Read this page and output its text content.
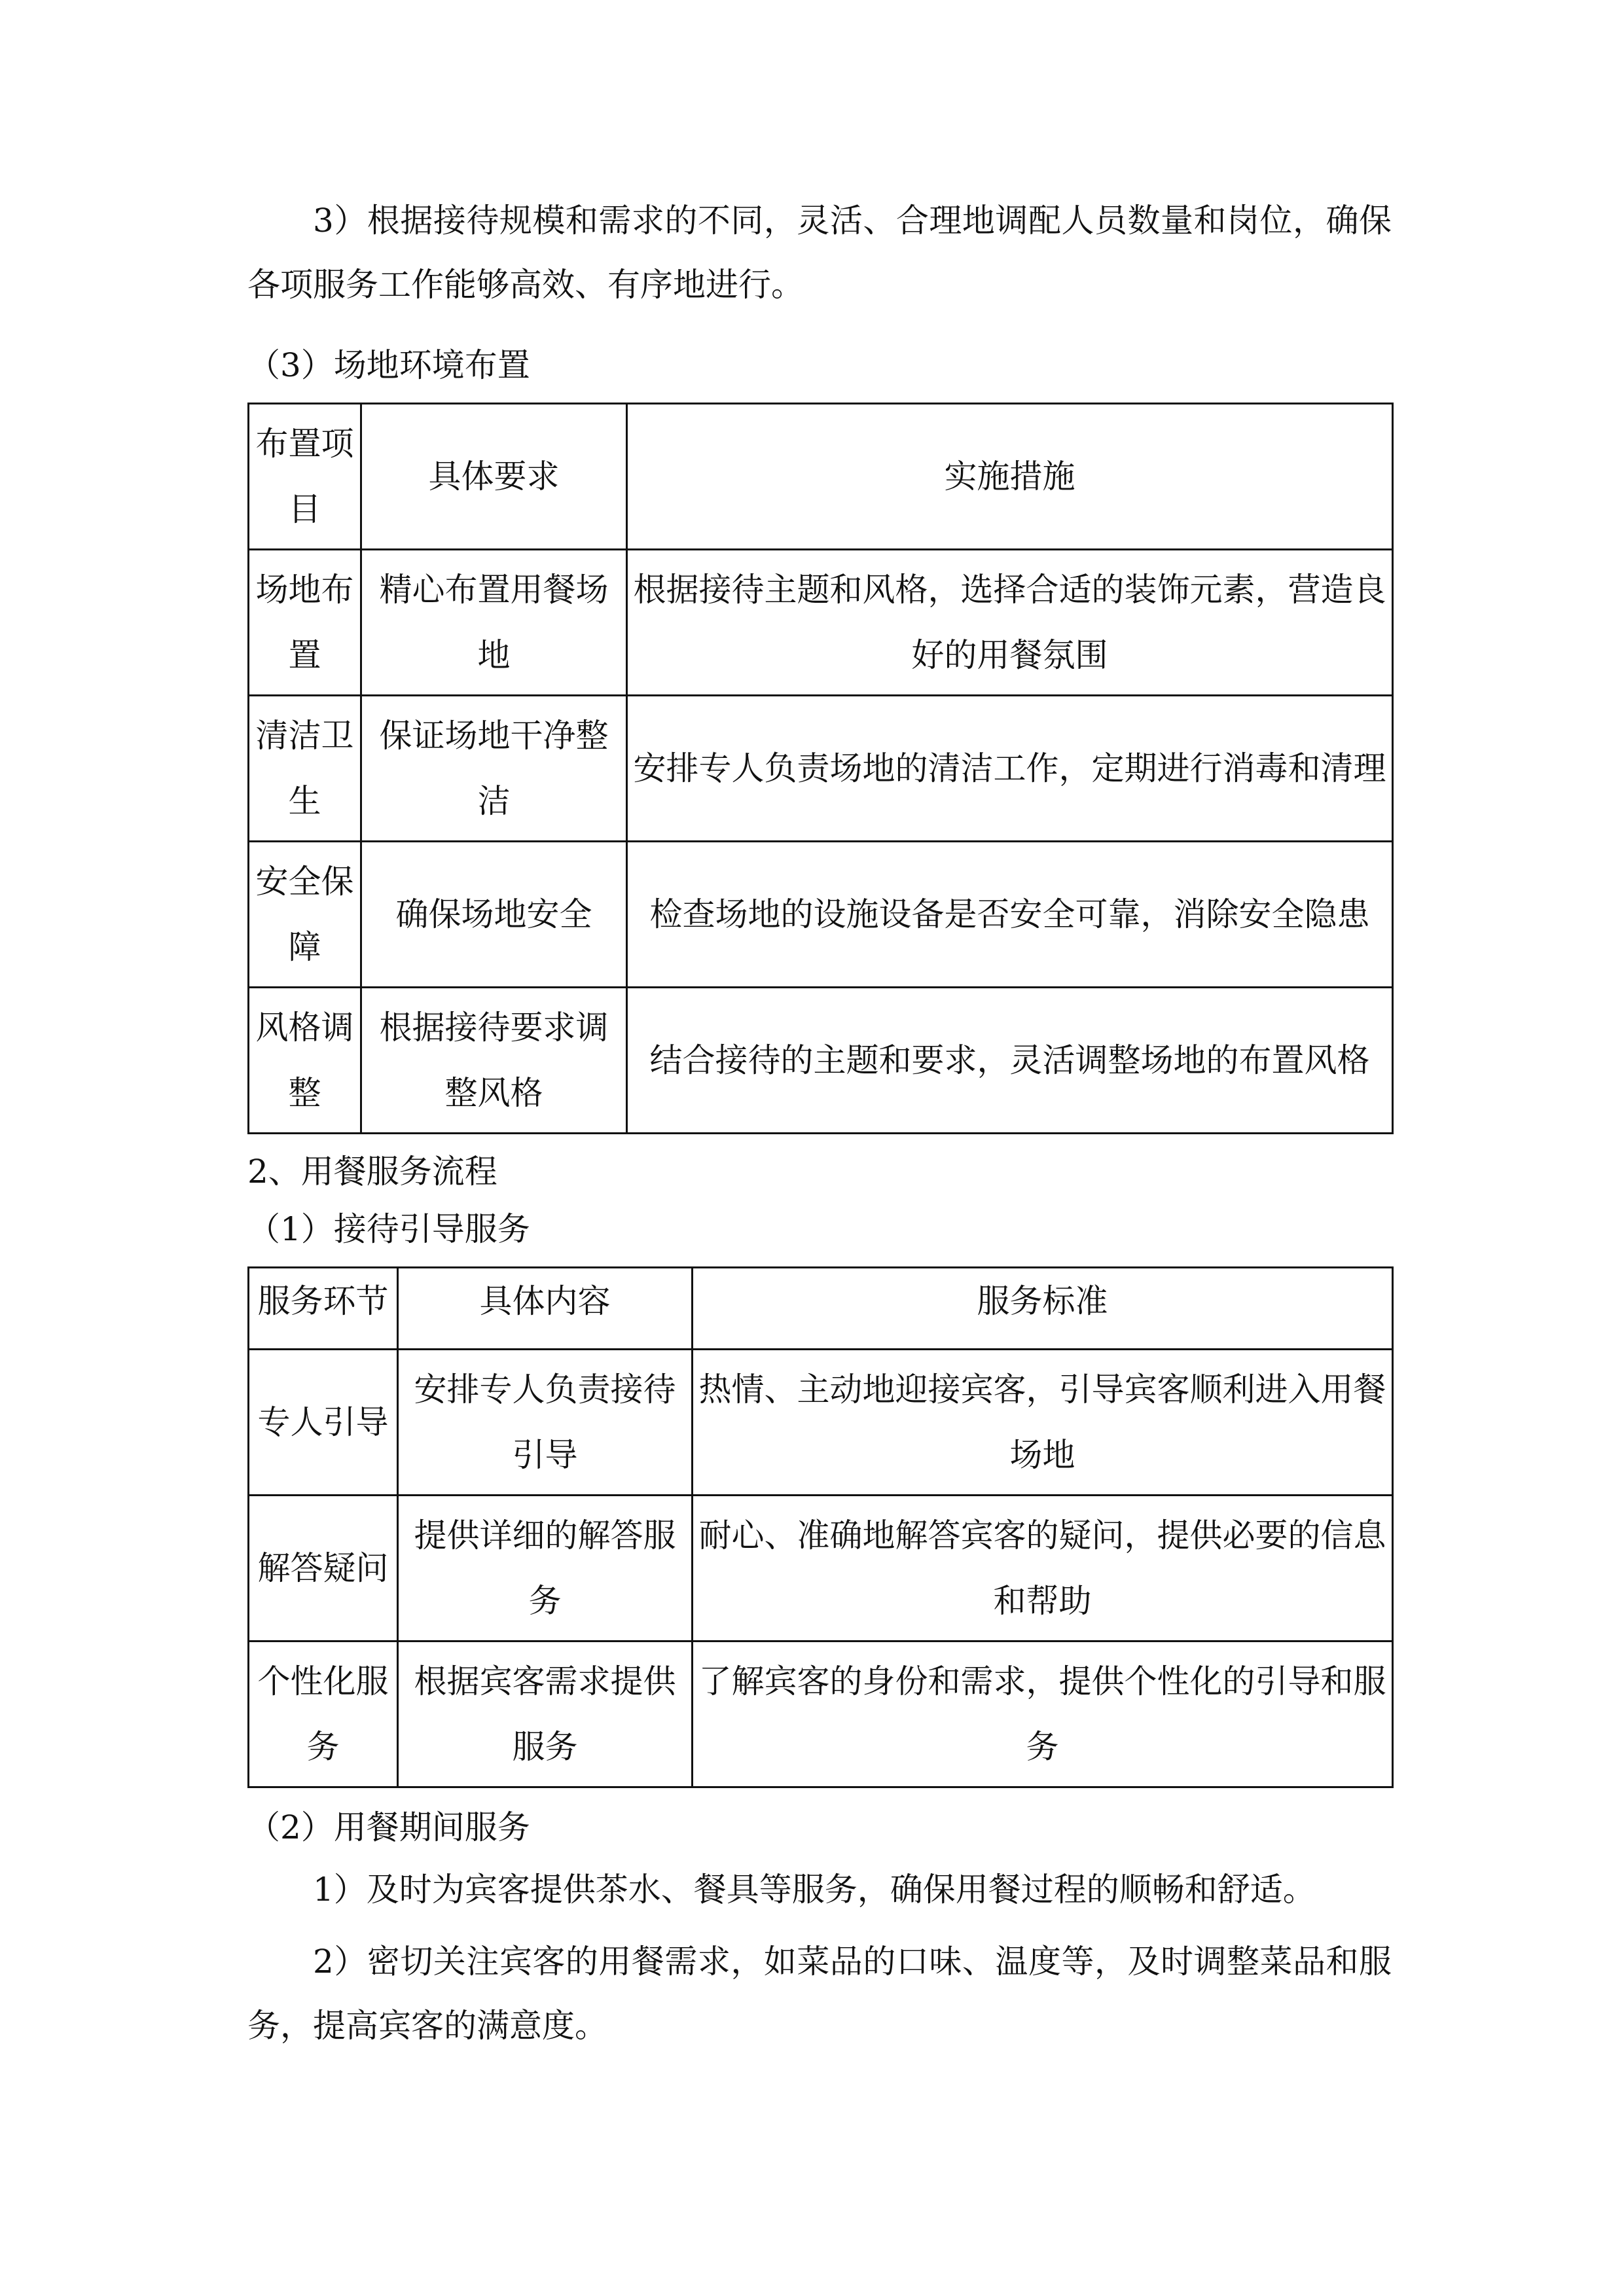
3）根据接待规模和需求的不同，灵活、合理地调配人员数量和岗位，确保各项服务工作能够高效、有序地进行。

（3）场地环境布置

布置项目	具体要求	实施措施
场地布置	精心布置用餐场地	根据接待主题和风格，选择合适的装饰元素，营造良好的用餐氛围
清洁卫生	保证场地干净整洁	安排专人负责场地的清洁工作，定期进行消毒和清理
安全保障	确保场地安全	检查场地的设施设备是否安全可靠，消除安全隐患
风格调整	根据接待要求调整风格	结合接待的主题和要求，灵活调整场地的布置风格

2、用餐服务流程

（1）接待引导服务

服务环节	具体内容	服务标准
专人引导	安排专人负责接待引导	热情、主动地迎接宾客，引导宾客顺利进入用餐场地
解答疑问	提供详细的解答服务	耐心、准确地解答宾客的疑问，提供必要的信息和帮助
个性化服务	根据宾客需求提供服务	了解宾客的身份和需求，提供个性化的引导和服务

（2）用餐期间服务

1）及时为宾客提供茶水、餐具等服务，确保用餐过程的顺畅和舒适。

2）密切关注宾客的用餐需求，如菜品的口味、温度等，及时调整菜品和服务，提高宾客的满意度。
